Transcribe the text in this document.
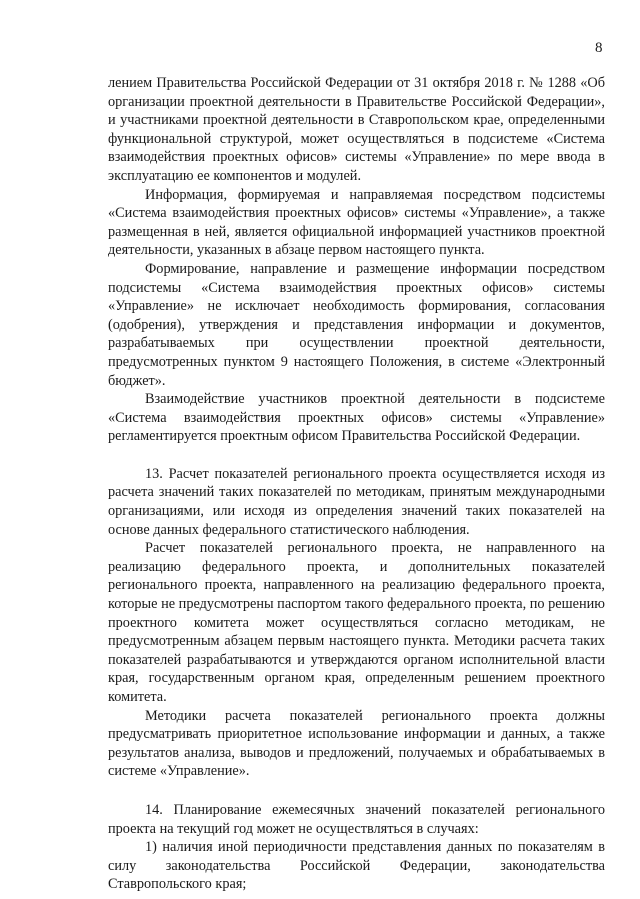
8

лением Правительства Российской Федерации от 31 октября 2018 г. № 1288 «Об организации проектной деятельности в Правительстве Российской Федерации», и участниками проектной деятельности в Ставропольском крае, определенными функциональной структурой, может осуществляться в подсистеме «Система взаимодействия проектных офисов» системы «Управление» по мере ввода в эксплуатацию ее компонентов и модулей.

Информация, формируемая и направляемая посредством подсистемы «Система взаимодействия проектных офисов» системы «Управление», а также размещенная в ней, является официальной информацией участников проектной деятельности, указанных в абзаце первом настоящего пункта.

Формирование, направление и размещение информации посредством подсистемы «Система взаимодействия проектных офисов» системы «Управление» не исключает необходимость формирования, согласования (одобрения), утверждения и представления информации и документов, разрабатываемых при осуществлении проектной деятельности, предусмотренных пунктом 9 настоящего Положения, в системе «Электронный бюджет».

Взаимодействие участников проектной деятельности в подсистеме «Система взаимодействия проектных офисов» системы «Управление» регламентируется проектным офисом Правительства Российской Федерации.

13. Расчет показателей регионального проекта осуществляется исходя из расчета значений таких показателей по методикам, принятым международными организациями, или исходя из определения значений таких показателей на основе данных федерального статистического наблюдения.

Расчет показателей регионального проекта, не направленного на реализацию федерального проекта, и дополнительных показателей регионального проекта, направленного на реализацию федерального проекта, которые не предусмотрены паспортом такого федерального проекта, по решению проектного комитета может осуществляться согласно методикам, не предусмотренным абзацем первым настоящего пункта. Методики расчета таких показателей разрабатываются и утверждаются органом исполнительной власти края, государственным органом края, определенным решением проектного комитета.

Методики расчета показателей регионального проекта должны предусматривать приоритетное использование информации и данных, а также результатов анализа, выводов и предложений, получаемых и обрабатываемых в системе «Управление».

14. Планирование ежемесячных значений показателей регионального проекта на текущий год может не осуществляться в случаях:

1) наличия иной периодичности представления данных по показателям в силу законодательства Российской Федерации, законодательства Ставропольского края;
